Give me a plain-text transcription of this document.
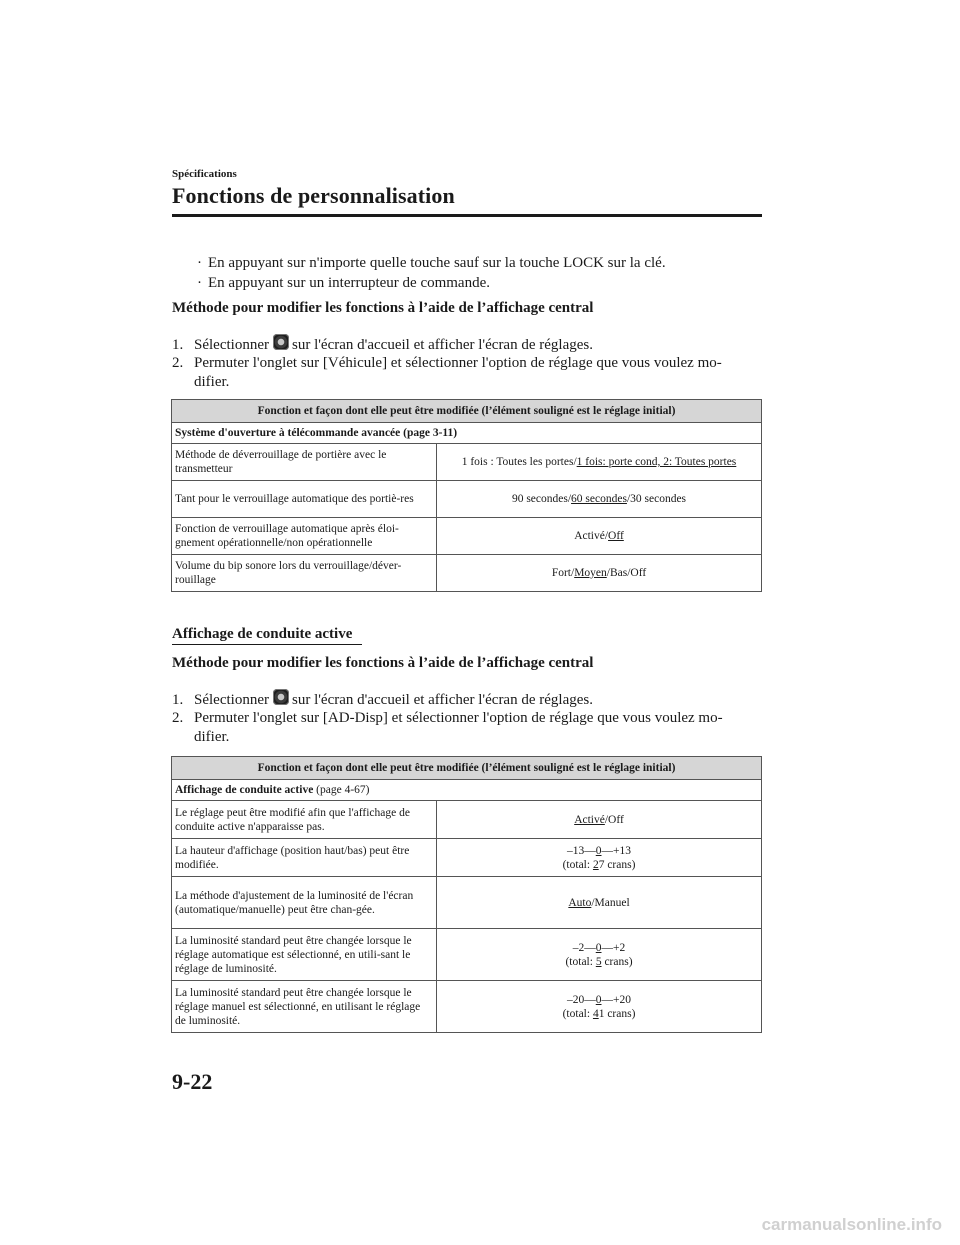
Spécifications
Fonctions de personnalisation
· En appuyant sur n'importe quelle touche sauf sur la touche LOCK sur la clé.
· En appuyant sur un interrupteur de commande.
Méthode pour modifier les fonctions à l’aide de l’affichage central
1. Sélectionner sur l'écran d'accueil et afficher l'écran de réglages.
2. Permuter l'onglet sur [Véhicule] et sélectionner l'option de réglage que vous voulez mo-
difier.
Fonction et façon dont elle peut être modifiée (l’élément souligné est le réglage initial)	
Système d'ouverture à télécommande avancée (page 3-11)	
Méthode de déverrouillage de portière avec le transmetteur	1 fois : Toutes les portes/1 fois: porte cond, 2: Toutes portes
Tant pour le verrouillage automatique des portiè-res	90 secondes/60 secondes/30 secondes
Fonction de verrouillage automatique après éloi-gnement opérationnelle/non opérationnelle	Activé/Off
Volume du bip sonore lors du verrouillage/déver-rouillage	Fort/Moyen/Bas/Off
Affichage de conduite active
Méthode pour modifier les fonctions à l’aide de l’affichage central
1. Sélectionner sur l'écran d'accueil et afficher l'écran de réglages.
2. Permuter l'onglet sur [AD-Disp] et sélectionner l'option de réglage que vous voulez mo-
difier.
Fonction et façon dont elle peut être modifiée (l’élément souligné est le réglage initial)	
Affichage de conduite active (page 4-67)	
Le réglage peut être modifié afin que l'affichage de conduite active n'apparaisse pas.	Activé/Off
La hauteur d'affichage (position haut/bas) peut être modifiée.	–13—0—+13
(total: 27 crans)

La méthode d'ajustement de la luminosité de l'écran (automatique/manuelle) peut être chan-gée.	Auto/Manuel
La luminosité standard peut être changée lorsque le réglage automatique est sélectionné, en utili-sant le réglage de luminosité.	–2—0—+2
(total: 5 crans)

La luminosité standard peut être changée lorsque le réglage manuel est sélectionné, en utilisant le réglage de luminosité.	–20—0—+20
(total: 41 crans)
9-22
carmanualsonline.info
